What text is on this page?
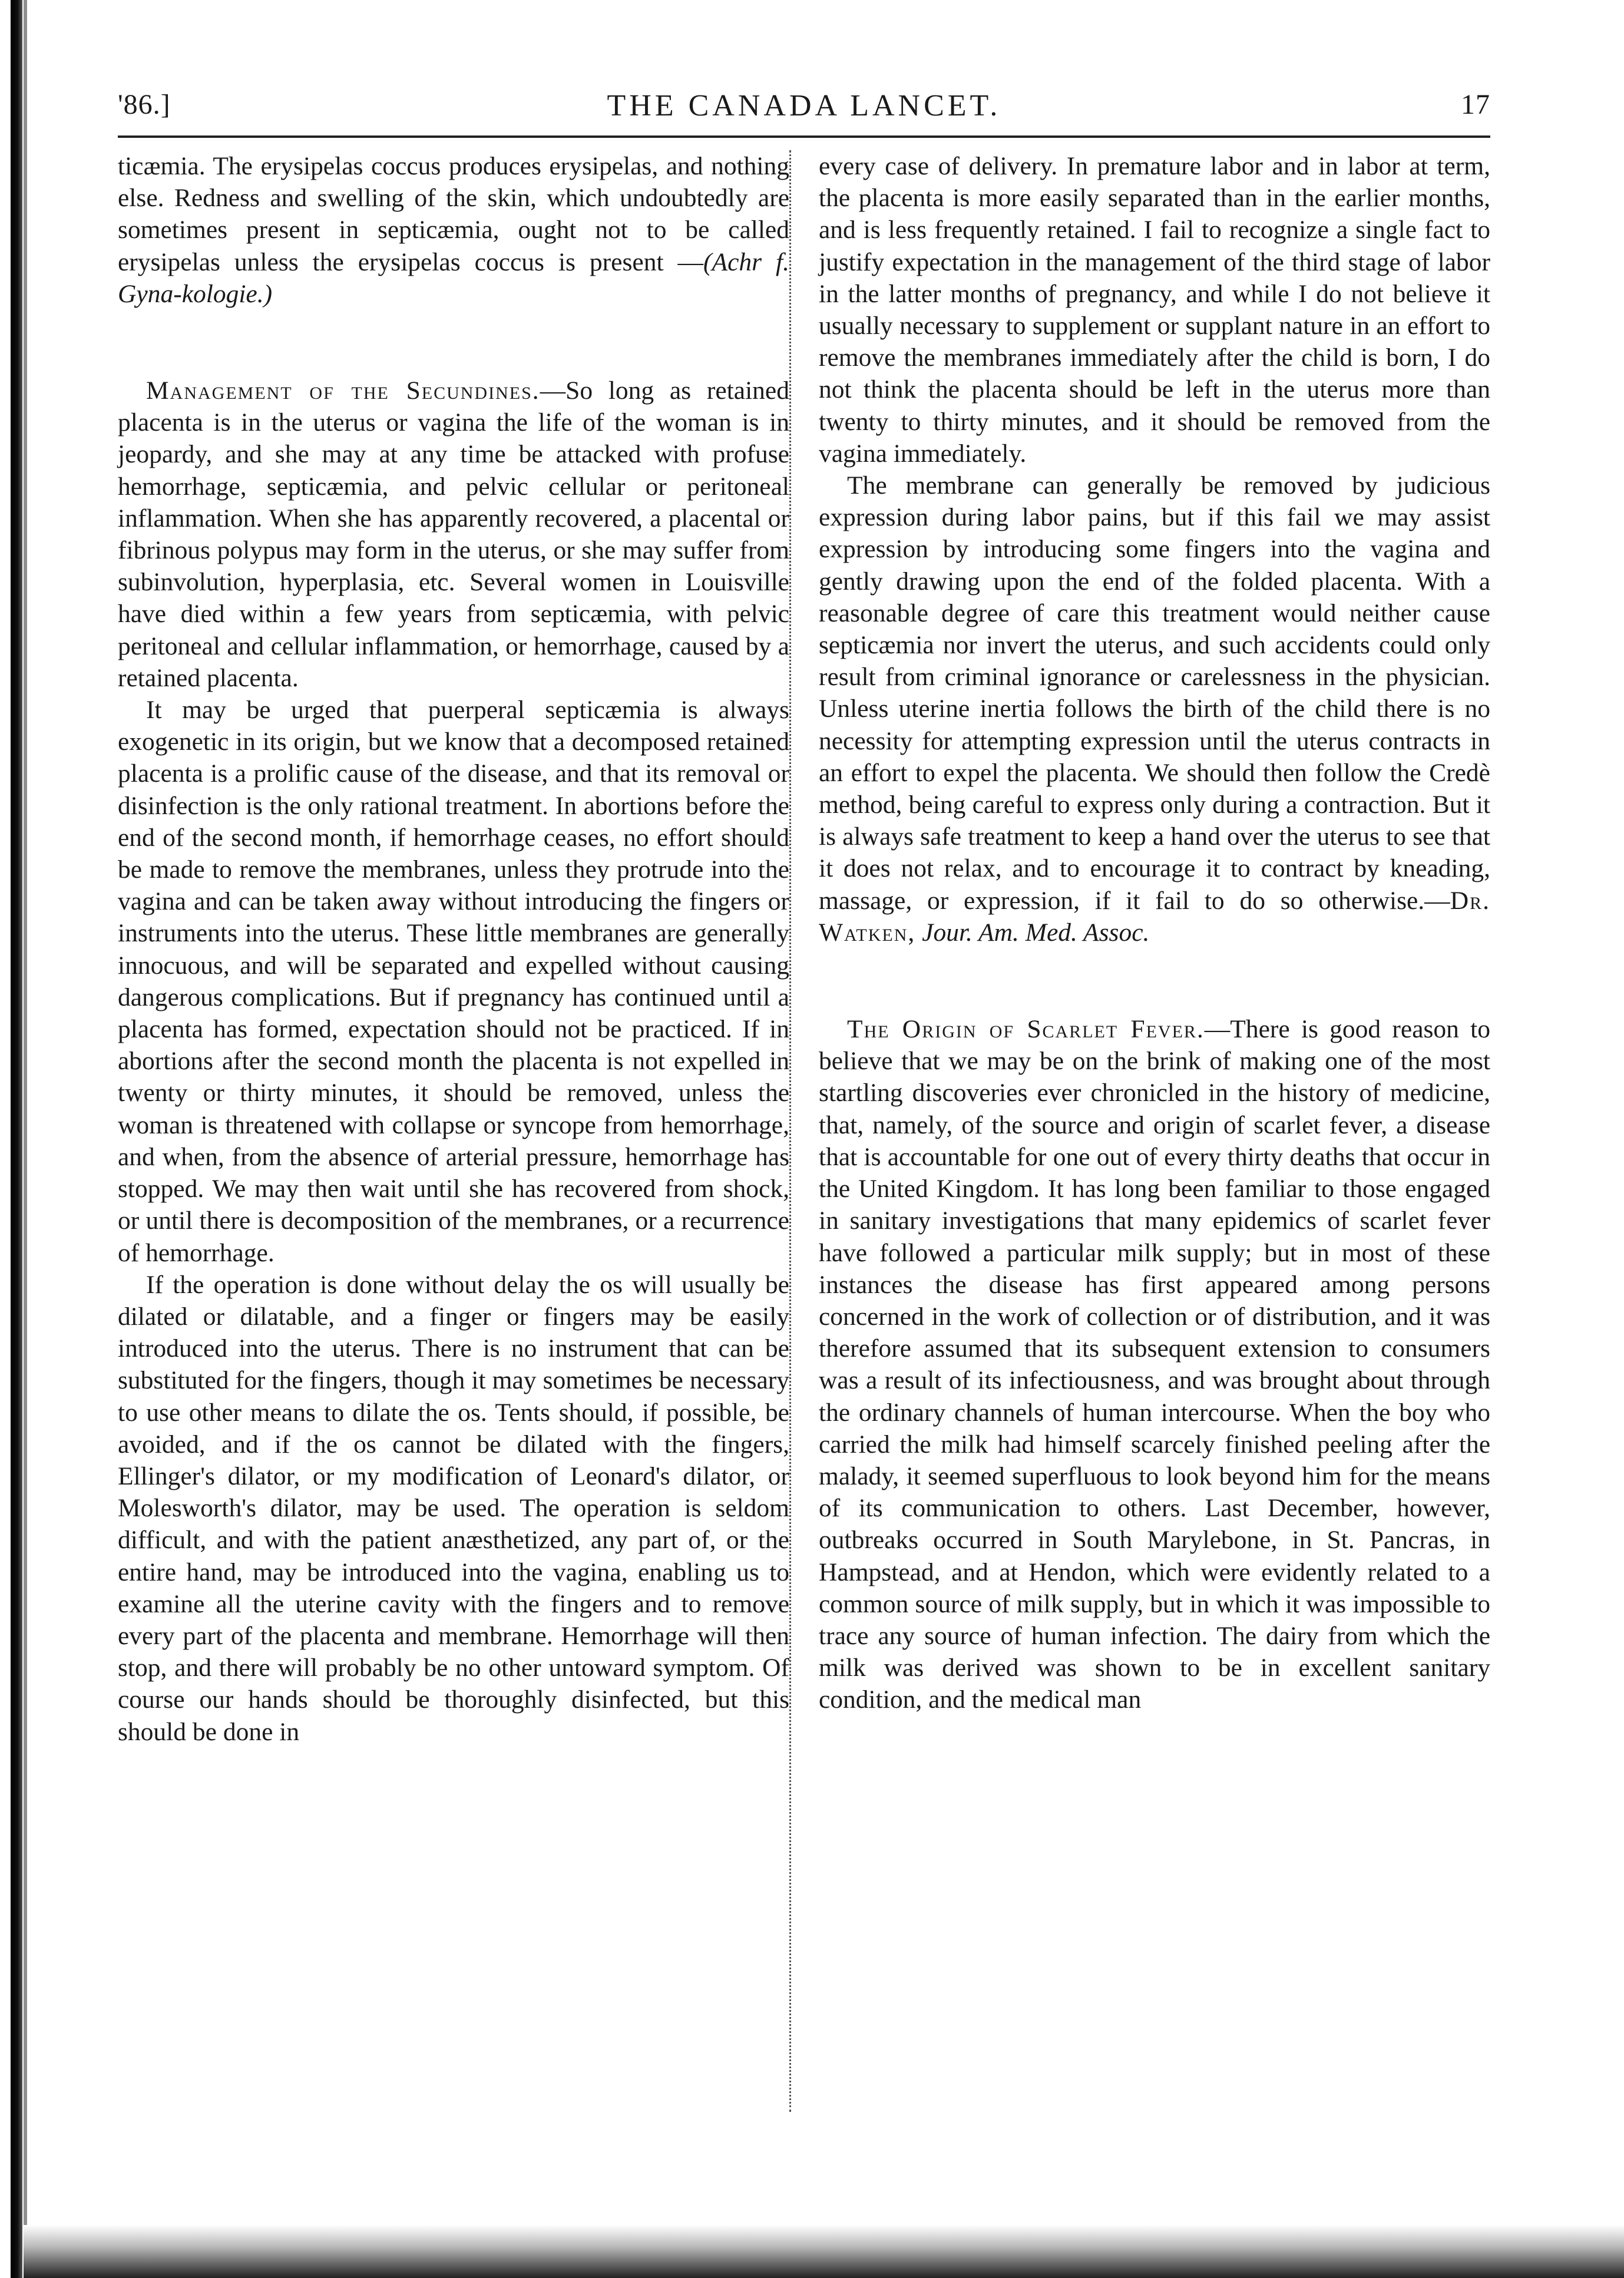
'86.]	THE CANADA LANCET.	17

ticæmia. The erysipelas coccus produces erysipelas, and nothing else. Redness and swelling of the skin, which undoubtedly are sometimes present in septicæmia, ought not to be called erysipelas unless the erysipelas coccus is present —(Achr f. Gyna-kologie.)

Management of the Secundines.—So long as retained placenta is in the uterus or vagina the life of the woman is in jeopardy, and she may at any time be attacked with profuse hemorrhage, septicæmia, and pelvic cellular or peritoneal inflammation. When she has apparently recovered, a placental or fibrinous polypus may form in the uterus, or she may suffer from subinvolution, hyperplasia, etc. Several women in Louisville have died within a few years from septicæmia, with pelvic peritoneal and cellular inflammation, or hemorrhage, caused by a retained placenta.

It may be urged that puerperal septicæmia is always exogenetic in its origin, but we know that a decomposed retained placenta is a prolific cause of the disease, and that its removal or disinfection is the only rational treatment. In abortions before the end of the second month, if hemorrhage ceases, no effort should be made to remove the membranes, unless they protrude into the vagina and can be taken away without introducing the fingers or instruments into the uterus. These little membranes are generally innocuous, and will be separated and expelled without causing dangerous complications. But if pregnancy has continued until a placenta has formed, expectation should not be practiced. If in abortions after the second month the placenta is not expelled in twenty or thirty minutes, it should be removed, unless the woman is threatened with collapse or syncope from hemorrhage, and when, from the absence of arterial pressure, hemorrhage has stopped. We may then wait until she has recovered from shock, or until there is decomposition of the membranes, or a recurrence of hemorrhage.

If the operation is done without delay the os will usually be dilated or dilatable, and a finger or fingers may be easily introduced into the uterus. There is no instrument that can be substituted for the fingers, though it may sometimes be necessary to use other means to dilate the os. Tents should, if possible, be avoided, and if the os cannot be dilated with the fingers, Ellinger's dilator, or my modification of Leonard's dilator, or Molesworth's dilator, may be used. The operation is seldom difficult, and with the patient anæsthetized, any part of, or the entire hand, may be introduced into the vagina, enabling us to examine all the uterine cavity with the fingers and to remove every part of the placenta and membrane. Hemorrhage will then stop, and there will probably be no other untoward symptom. Of course our hands should be thoroughly disinfected, but this should be done in

every case of delivery. In premature labor and in labor at term, the placenta is more easily separated than in the earlier months, and is less frequently retained. I fail to recognize a single fact to justify expectation in the management of the third stage of labor in the latter months of pregnancy, and while I do not believe it usually necessary to supplement or supplant nature in an effort to remove the membranes immediately after the child is born, I do not think the placenta should be left in the uterus more than twenty to thirty minutes, and it should be removed from the vagina immediately.

The membrane can generally be removed by judicious expression during labor pains, but if this fail we may assist expression by introducing some fingers into the vagina and gently drawing upon the end of the folded placenta. With a reasonable degree of care this treatment would neither cause septicæmia nor invert the uterus, and such accidents could only result from criminal ignorance or carelessness in the physician. Unless uterine inertia follows the birth of the child there is no necessity for attempting expression until the uterus contracts in an effort to expel the placenta. We should then follow the Credè method, being careful to express only during a contraction. But it is always safe treatment to keep a hand over the uterus to see that it does not relax, and to encourage it to contract by kneading, massage, or expression, if it fail to do so otherwise.—Dr. Watken, Jour. Am. Med. Assoc.

The Origin of Scarlet Fever.—There is good reason to believe that we may be on the brink of making one of the most startling discoveries ever chronicled in the history of medicine, that, namely, of the source and origin of scarlet fever, a disease that is accountable for one out of every thirty deaths that occur in the United Kingdom. It has long been familiar to those engaged in sanitary investigations that many epidemics of scarlet fever have followed a particular milk supply; but in most of these instances the disease has first appeared among persons concerned in the work of collection or of distribution, and it was therefore assumed that its subsequent extension to consumers was a result of its infectiousness, and was brought about through the ordinary channels of human intercourse. When the boy who carried the milk had himself scarcely finished peeling after the malady, it seemed superfluous to look beyond him for the means of its communication to others. Last December, however, outbreaks occurred in South Marylebone, in St. Pancras, in Hampstead, and at Hendon, which were evidently related to a common source of milk supply, but in which it was impossible to trace any source of human infection. The dairy from which the milk was derived was shown to be in excellent sanitary condition, and the medical man
